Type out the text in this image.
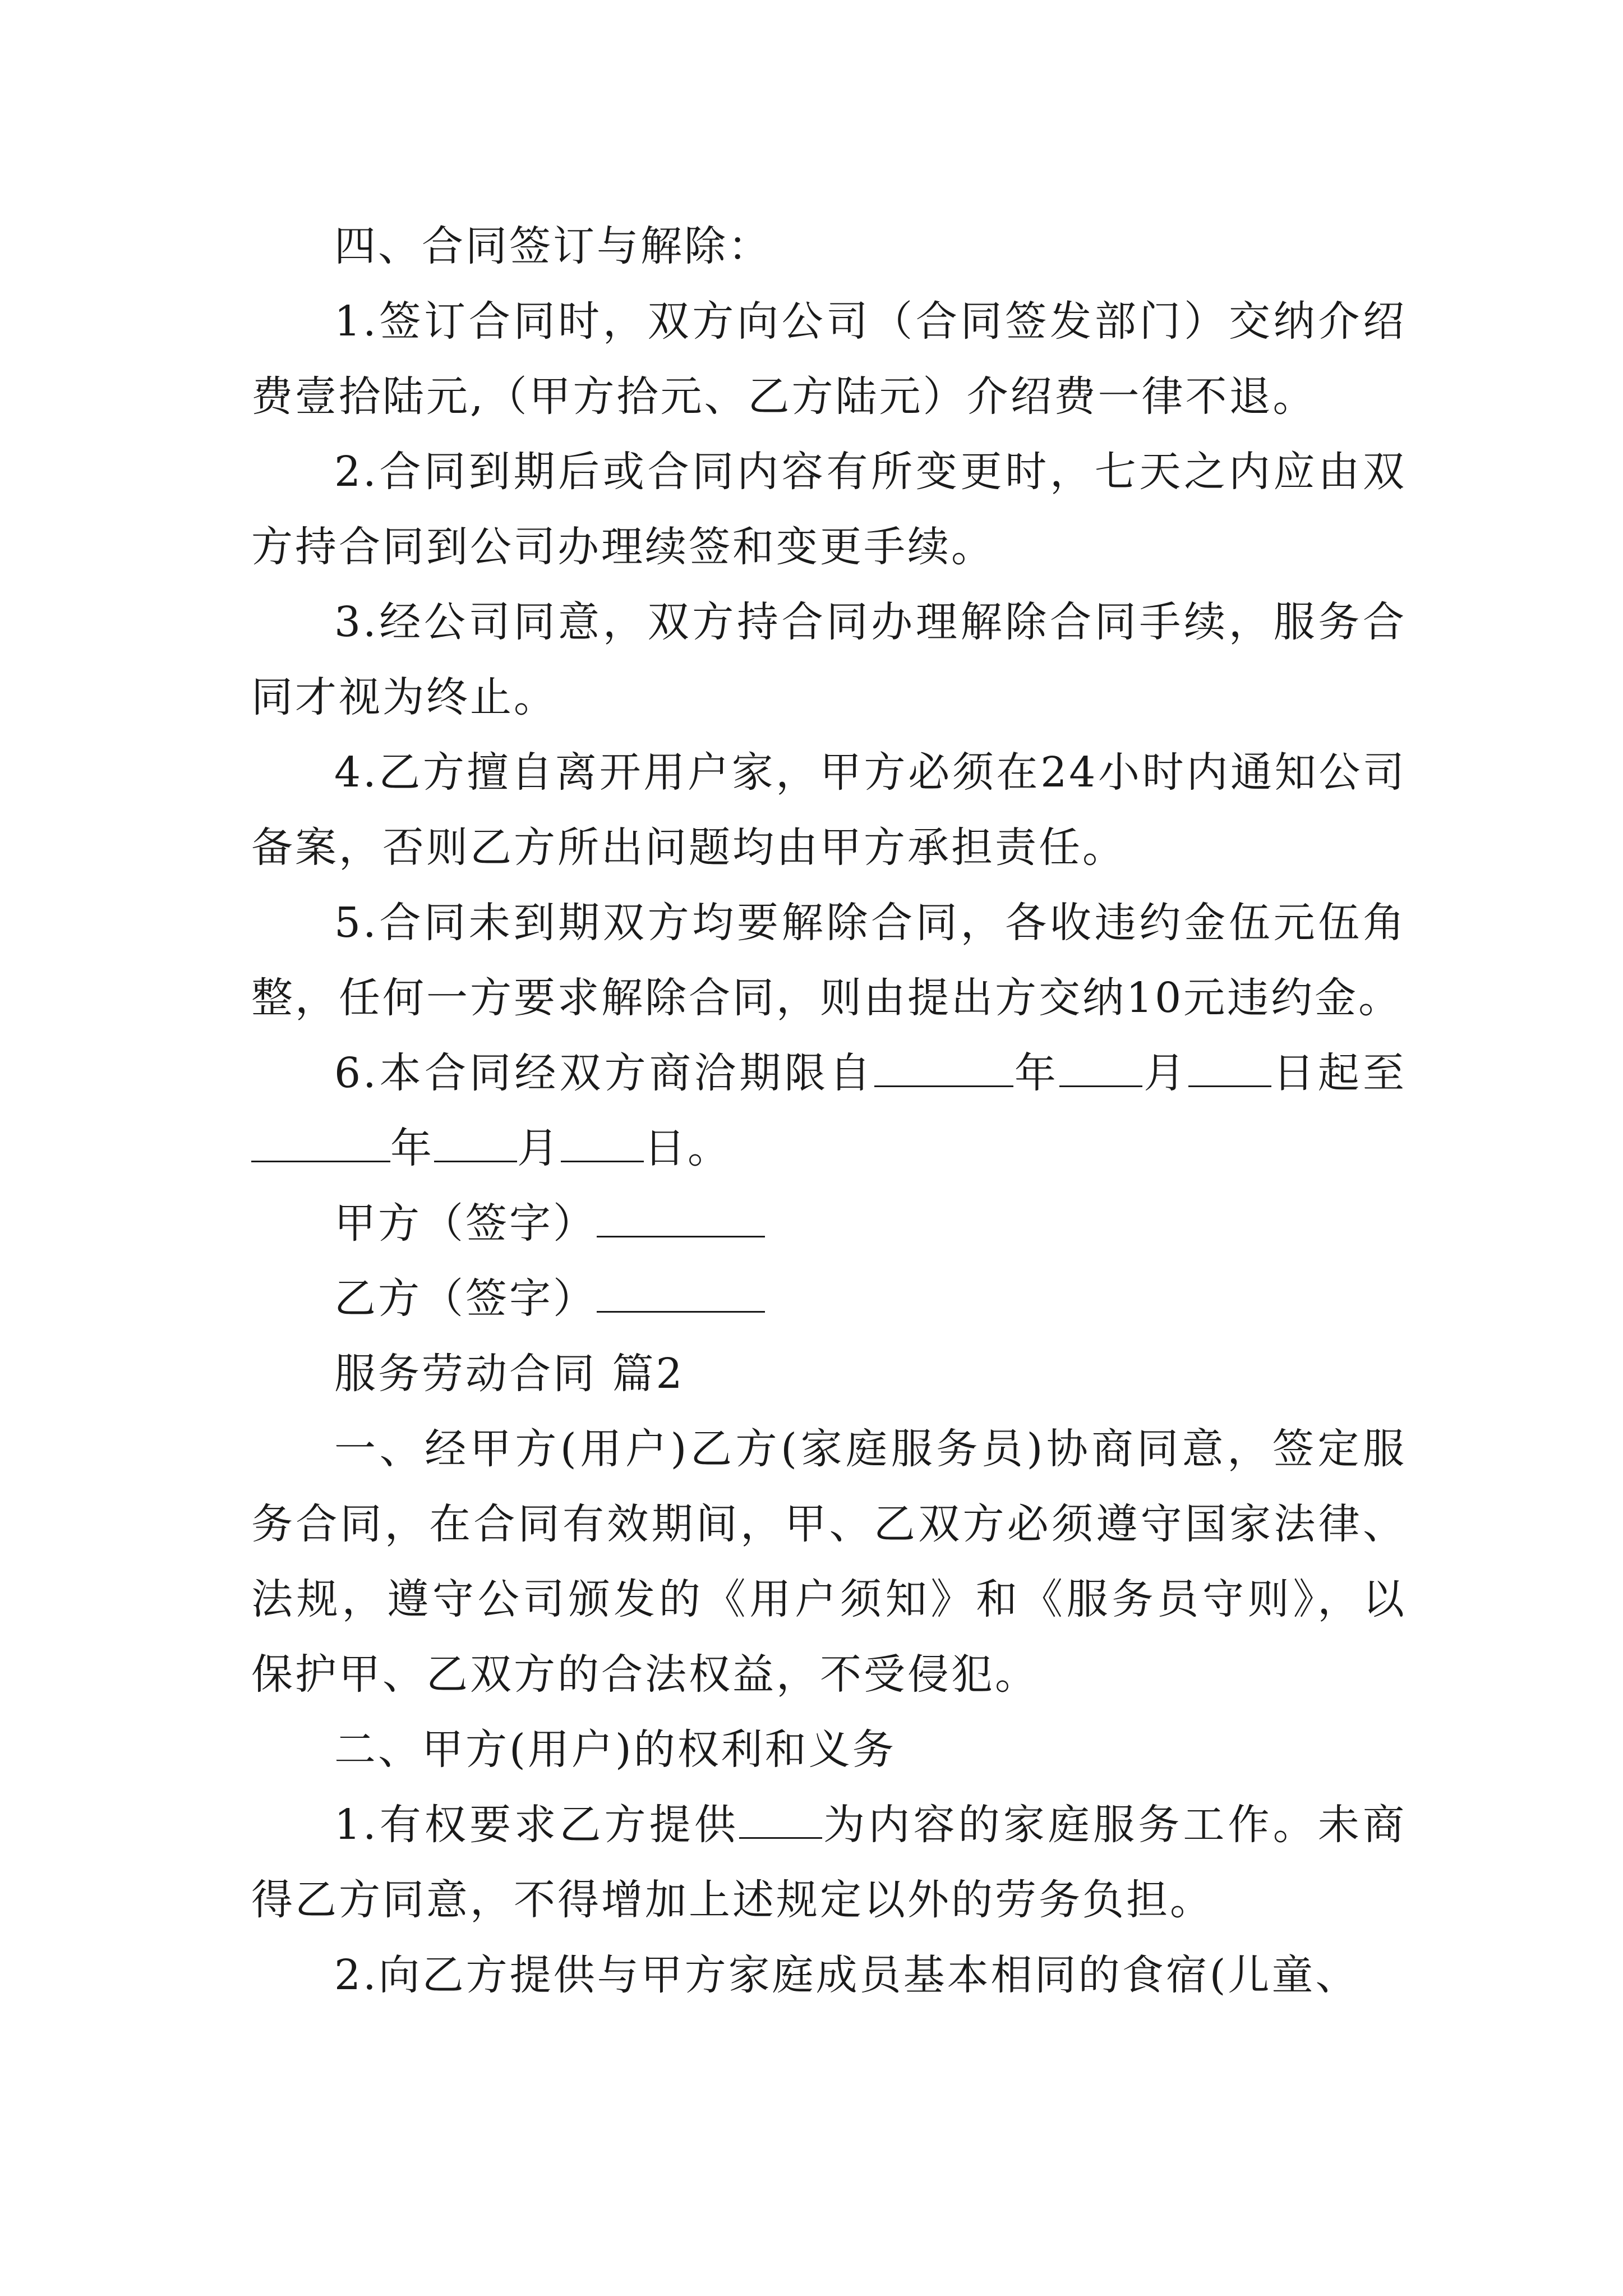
四、合同签订与解除：

1.签订合同时，双方向公司（合同签发部门）交纳介绍费壹拾陆元,（甲方拾元、乙方陆元）介绍费一律不退。

2.合同到期后或合同内容有所变更时，七天之内应由双方持合同到公司办理续签和变更手续。

3.经公司同意，双方持合同办理解除合同手续，服务合同才视为终止。

4.乙方擅自离开用户家，甲方必须在24小时内通知公司备案，否则乙方所出问题均由甲方承担责任。

5.合同未到期双方均要解除合同，各收违约金伍元伍角整，任何一方要求解除合同，则由提出方交纳10元违约金。

6.本合同经双方商洽期限自	年 月 日起至年 月 日。

甲方（签字）

乙方（签字）

服务劳动合同 篇2

一、经甲方(用户)乙方(家庭服务员)协商同意，签定服务合同，在合同有效期间，甲、乙双方必须遵守国家法律、法规，遵守公司颁发的《用户须知》和《服务员守则》，以保护甲、乙双方的合法权益，不受侵犯。

二、甲方(用户)的权利和义务

1.有权要求乙方提供 为内容的家庭服务工作。未商得乙方同意，不得增加上述规定以外的劳务负担。

2.向乙方提供与甲方家庭成员基本相同的食宿(儿童、
